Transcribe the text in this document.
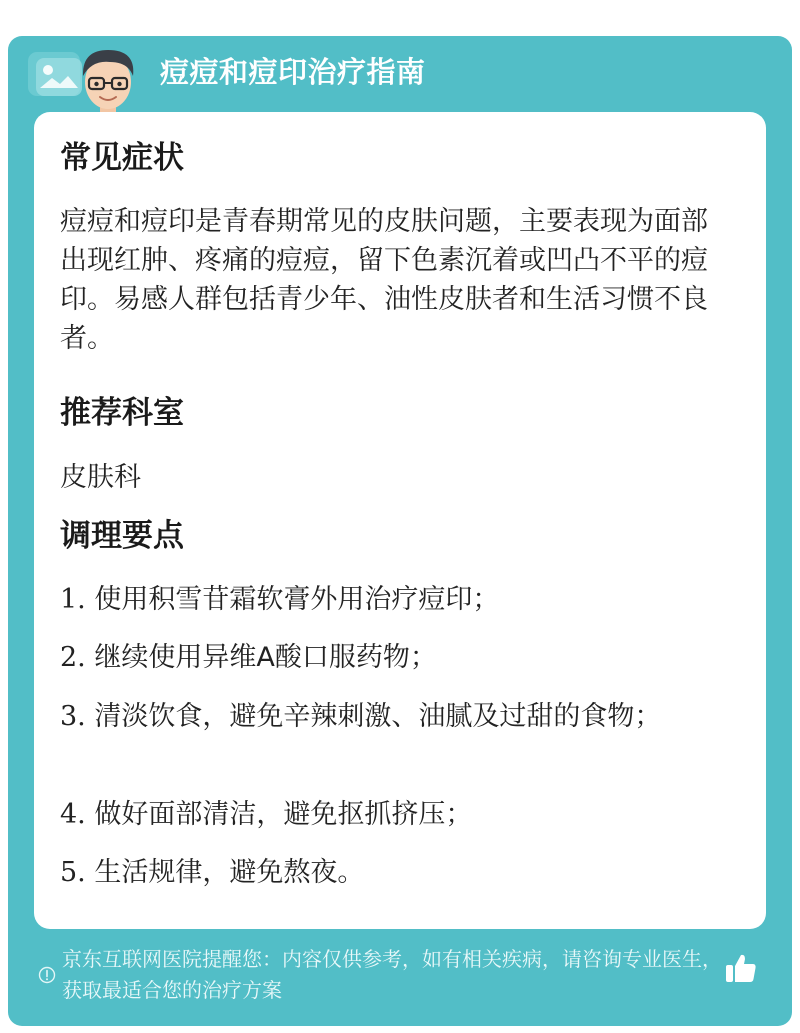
痘痘和痘印治疗指南
常见症状

痘痘和痘印是青春期常见的皮肤问题，主要表现为面部出现红肿、疼痛的痘痘，留下色素沉着或凹凸不平的痘印。易感人群包括青少年、油性皮肤者和生活习惯不良者。

推荐科室

皮肤科

调理要点

1. 使用积雪苷霜软膏外用治疗痘印；

2. 继续使用异维A酸口服药物；

3. 清淡饮食，避免辛辣刺激、油腻及过甜的食物；

4. 做好面部清洁，避免抠抓挤压；

5. 生活规律，避免熬夜。

京东互联网医院提醒您：内容仅供参考，如有相关疾病，请咨询专业医生，获取最适合您的治疗方案
